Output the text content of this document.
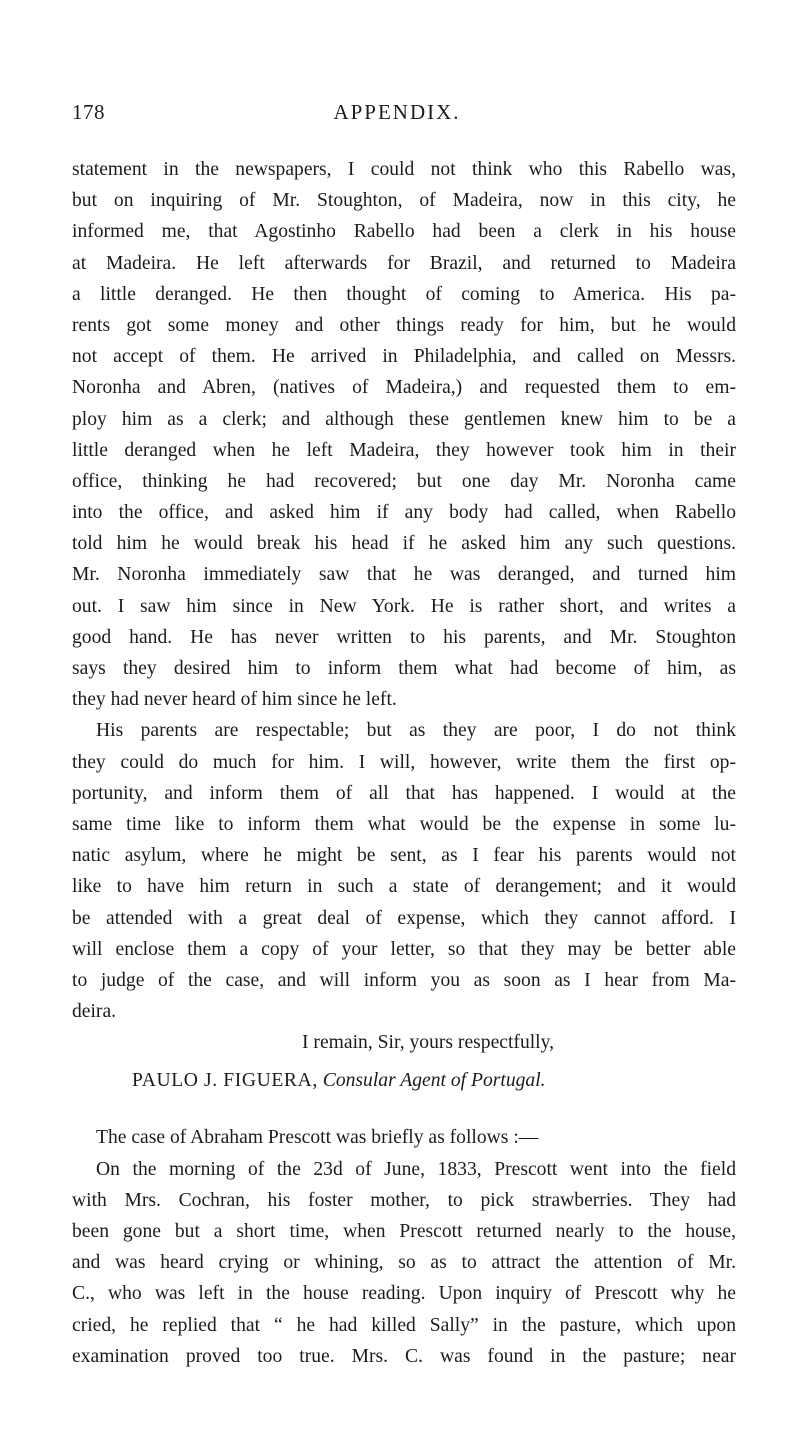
178	APPENDIX.
statement in the newspapers, I could not think who this Rabello was,
but on inquiring of Mr. Stoughton, of Madeira, now in this city, he
informed me, that Agostinho Rabello had been a clerk in his house
at Madeira. He left afterwards for Brazil, and returned to Madeira
a little deranged. He then thought of coming to America. His pa-
rents got some money and other things ready for him, but he would
not accept of them. He arrived in Philadelphia, and called on Messrs.
Noronha and Abren, (natives of Madeira,) and requested them to em-
ploy him as a clerk; and although these gentlemen knew him to be a
little deranged when he left Madeira, they however took him in their
office, thinking he had recovered; but one day Mr. Noronha came
into the office, and asked him if any body had called, when Rabello
told him he would break his head if he asked him any such questions.
Mr. Noronha immediately saw that he was deranged, and turned him
out. I saw him since in New York. He is rather short, and writes a
good hand. He has never written to his parents, and Mr. Stoughton
says they desired him to inform them what had become of him, as
they had never heard of him since he left.
His parents are respectable; but as they are poor, I do not think
they could do much for him. I will, however, write them the first op-
portunity, and inform them of all that has happened. I would at the
same time like to inform them what would be the expense in some lu-
natic asylum, where he might be sent, as I fear his parents would not
like to have him return in such a state of derangement; and it would
be attended with a great deal of expense, which they cannot afford. I
will enclose them a copy of your letter, so that they may be better able
to judge of the case, and will inform you as soon as I hear from Ma-
deira.
I remain, Sir, yours respectfully,
PAULO J. FIGUERA, Consular Agent of Portugal.
The case of Abraham Prescott was briefly as follows :—
On the morning of the 23d of June, 1833, Prescott went into the field
with Mrs. Cochran, his foster mother, to pick strawberries. They had
been gone but a short time, when Prescott returned nearly to the house,
and was heard crying or whining, so as to attract the attention of Mr.
C., who was left in the house reading. Upon inquiry of Prescott why he
cried, he replied that “ he had killed Sally” in the pasture, which upon
examination proved too true. Mrs. C. was found in the pasture; near
